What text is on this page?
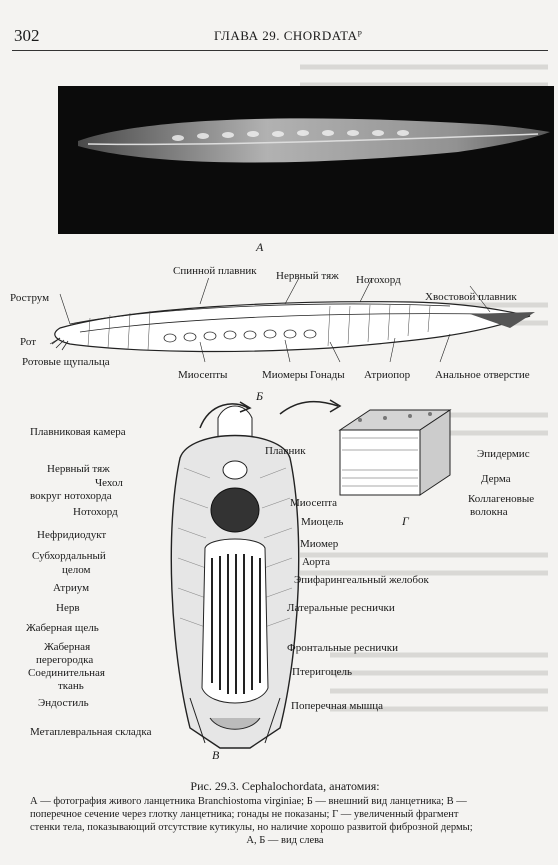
302	ГЛАВА 29. CHORDATAᴾ
А
Спинной плавник Нервный тяж Нотохорд
Хвостовой плавник
Рострум
Рот
Ротовые щупальца
Миосепты	Миомеры Гонады Атриопор Анальное отверстие
Б
Плавниковая камера
Плавник
Нервный тяж
Чехол
вокруг нотохорда
Нотохорд
Нефридиодукт
Субхордальный
целом
Атриум
Нерв
Жаберная щель
Жаберная
перегородка
Соединительная
ткань
Эндостиль
Метаплевральная складка
Миосепта
Миоцель
Миомер
Аорта
Эпифарингеальный желобок
Латеральные реснички
Фронтальные реснички
Птеригоцель
Поперечная мышца
В
Эпидермис
Дерма
Коллагеновые
волокна
Г
Рис. 29.3. Cephalochordata, анатомия:
А — фотография живого ланцетника Branchiostoma virginiae; Б — внешний вид ланцетника; В —
поперечное сечение через глотку ланцетника; гонады не показаны; Г — увеличенный фрагмент
стенки тела, показывающий отсутствие кутикулы, но наличие хорошо развитой фиброзной дермы;
А, Б — вид слева
